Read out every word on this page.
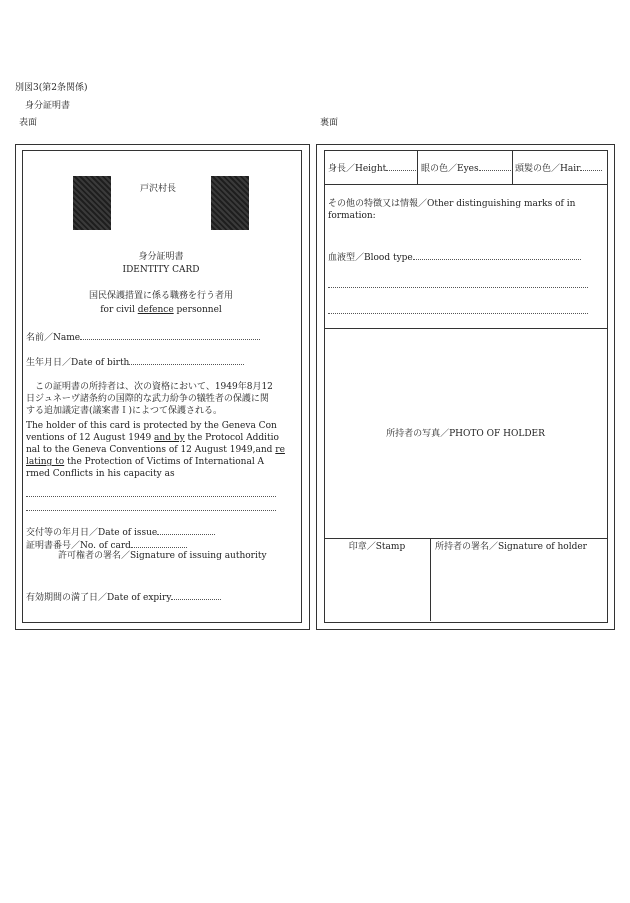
別図3(第2条関係)
身分証明書
表面	裏面
戸沢村長
身分証明書
IDENTITY CARD
国民保護措置に係る職務を行う者用
for civil defence personnel
名前／Name
生年月日／Date of birth
　この証明書の所持者は、次の資格において、1949年8月12
日ジュネーヴ諸条約の国際的な武力紛争の犠牲者の保護に関
する追加議定書(議案書Ｉ)によつて保護される。
The holder of this card is protected by the Geneva Con
ventions of 12 August 1949 and by the Protocol Additio
nal to the Geneva Conventions of 12 August 1949,and re
lating to the Protection of Victims of International A
rmed Conflicts in his capacity as
交付等の年月日／Date of issue
証明書番号／No. of card
許可権者の署名／Signature of issuing authority
有効期間の満了日／Date of expiry
身長／Height	眼の色／Eyes	頭髪の色／Hair
その他の特徴又は情報／Other distinguishing marks of in
formation:
血液型／Blood type
所持者の写真／PHOTO OF HOLDER
印章／Stamp	所持者の署名／Signature of holder
